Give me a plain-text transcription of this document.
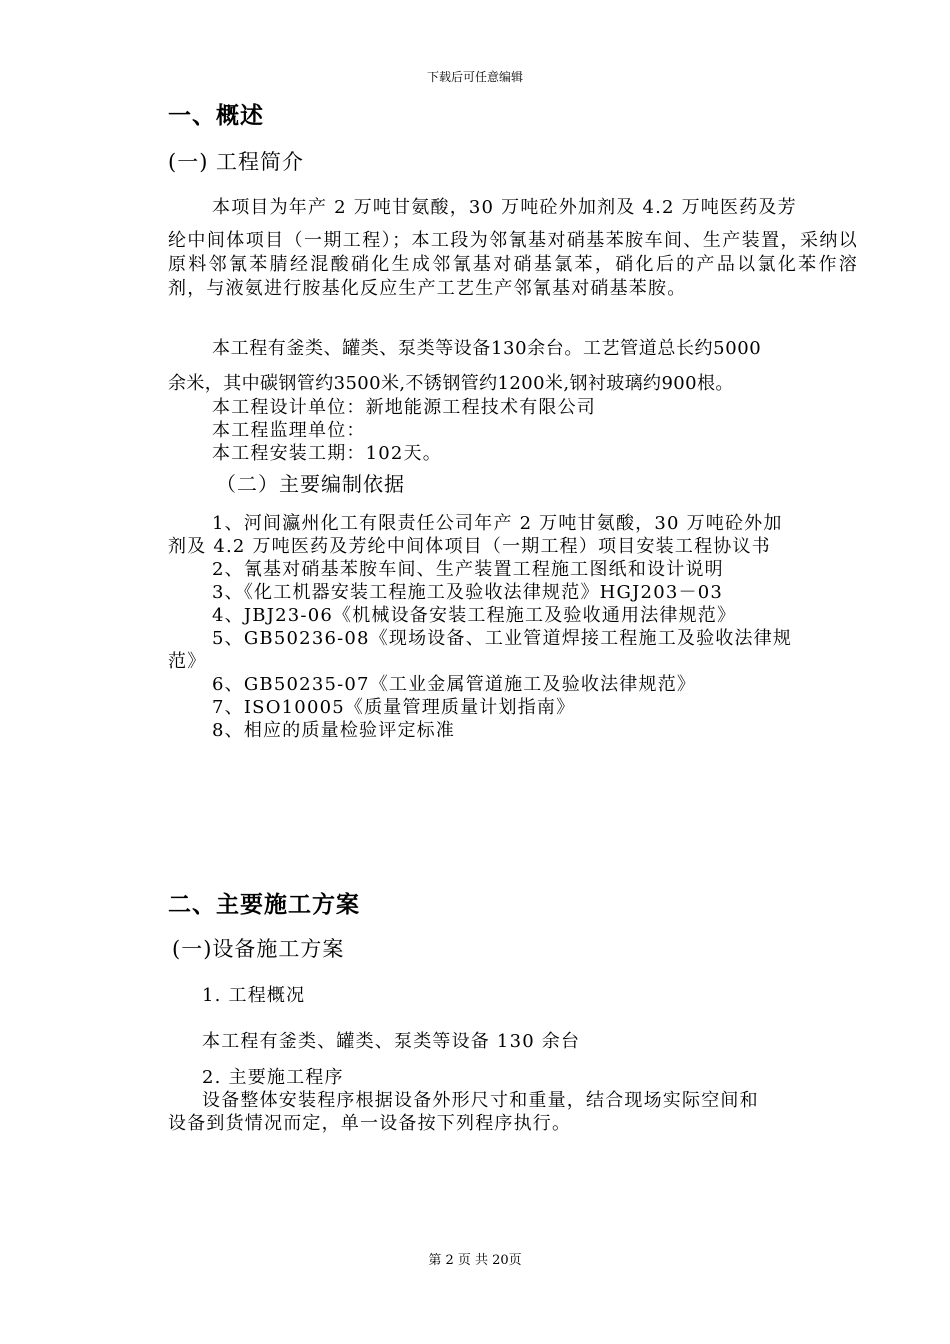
下载后可任意编辑
一、概述
(一) 工程简介
本项目为年产 2 万吨甘氨酸，30 万吨砼外加剂及 4.2 万吨医药及芳
纶中间体项目（一期工程）；本工段为邻氰基对硝基苯胺车间、生产装置，采纳以原料邻氰苯腈经混酸硝化生成邻氰基对硝基氯苯，硝化后的产品以氯化苯作溶剂，与液氨进行胺基化反应生产工艺生产邻氰基对硝基苯胺。
本工程有釜类、罐类、泵类等设备130余台。工艺管道总长约5000
余米，其中碳钢管约3500米,不锈钢管约1200米,钢衬玻璃约900根。
本工程设计单位：新地能源工程技术有限公司
本工程监理单位：
本工程安装工期：102天。
（二）主要编制依据
1、河间瀛州化工有限责任公司年产 2 万吨甘氨酸，30 万吨砼外加
剂及 4.2 万吨医药及芳纶中间体项目（一期工程）项目安装工程协议书
2、氰基对硝基苯胺车间、生产装置工程施工图纸和设计说明
3、《化工机器安装工程施工及验收法律规范》HGJ203－03
4、JBJ23-06《机械设备安装工程施工及验收通用法律规范》
5、GB50236-08《现场设备、工业管道焊接工程施工及验收法律规
范》
6、GB50235-07《工业金属管道施工及验收法律规范》
7、ISO10005《质量管理质量计划指南》
8、相应的质量检验评定标准
二、主要施工方案
(一)设备施工方案
1. 工程概况
本工程有釜类、罐类、泵类等设备 130 余台
2. 主要施工程序
设备整体安装程序根据设备外形尺寸和重量，结合现场实际空间和
设备到货情况而定，单一设备按下列程序执行。
第 2 页 共 20页
